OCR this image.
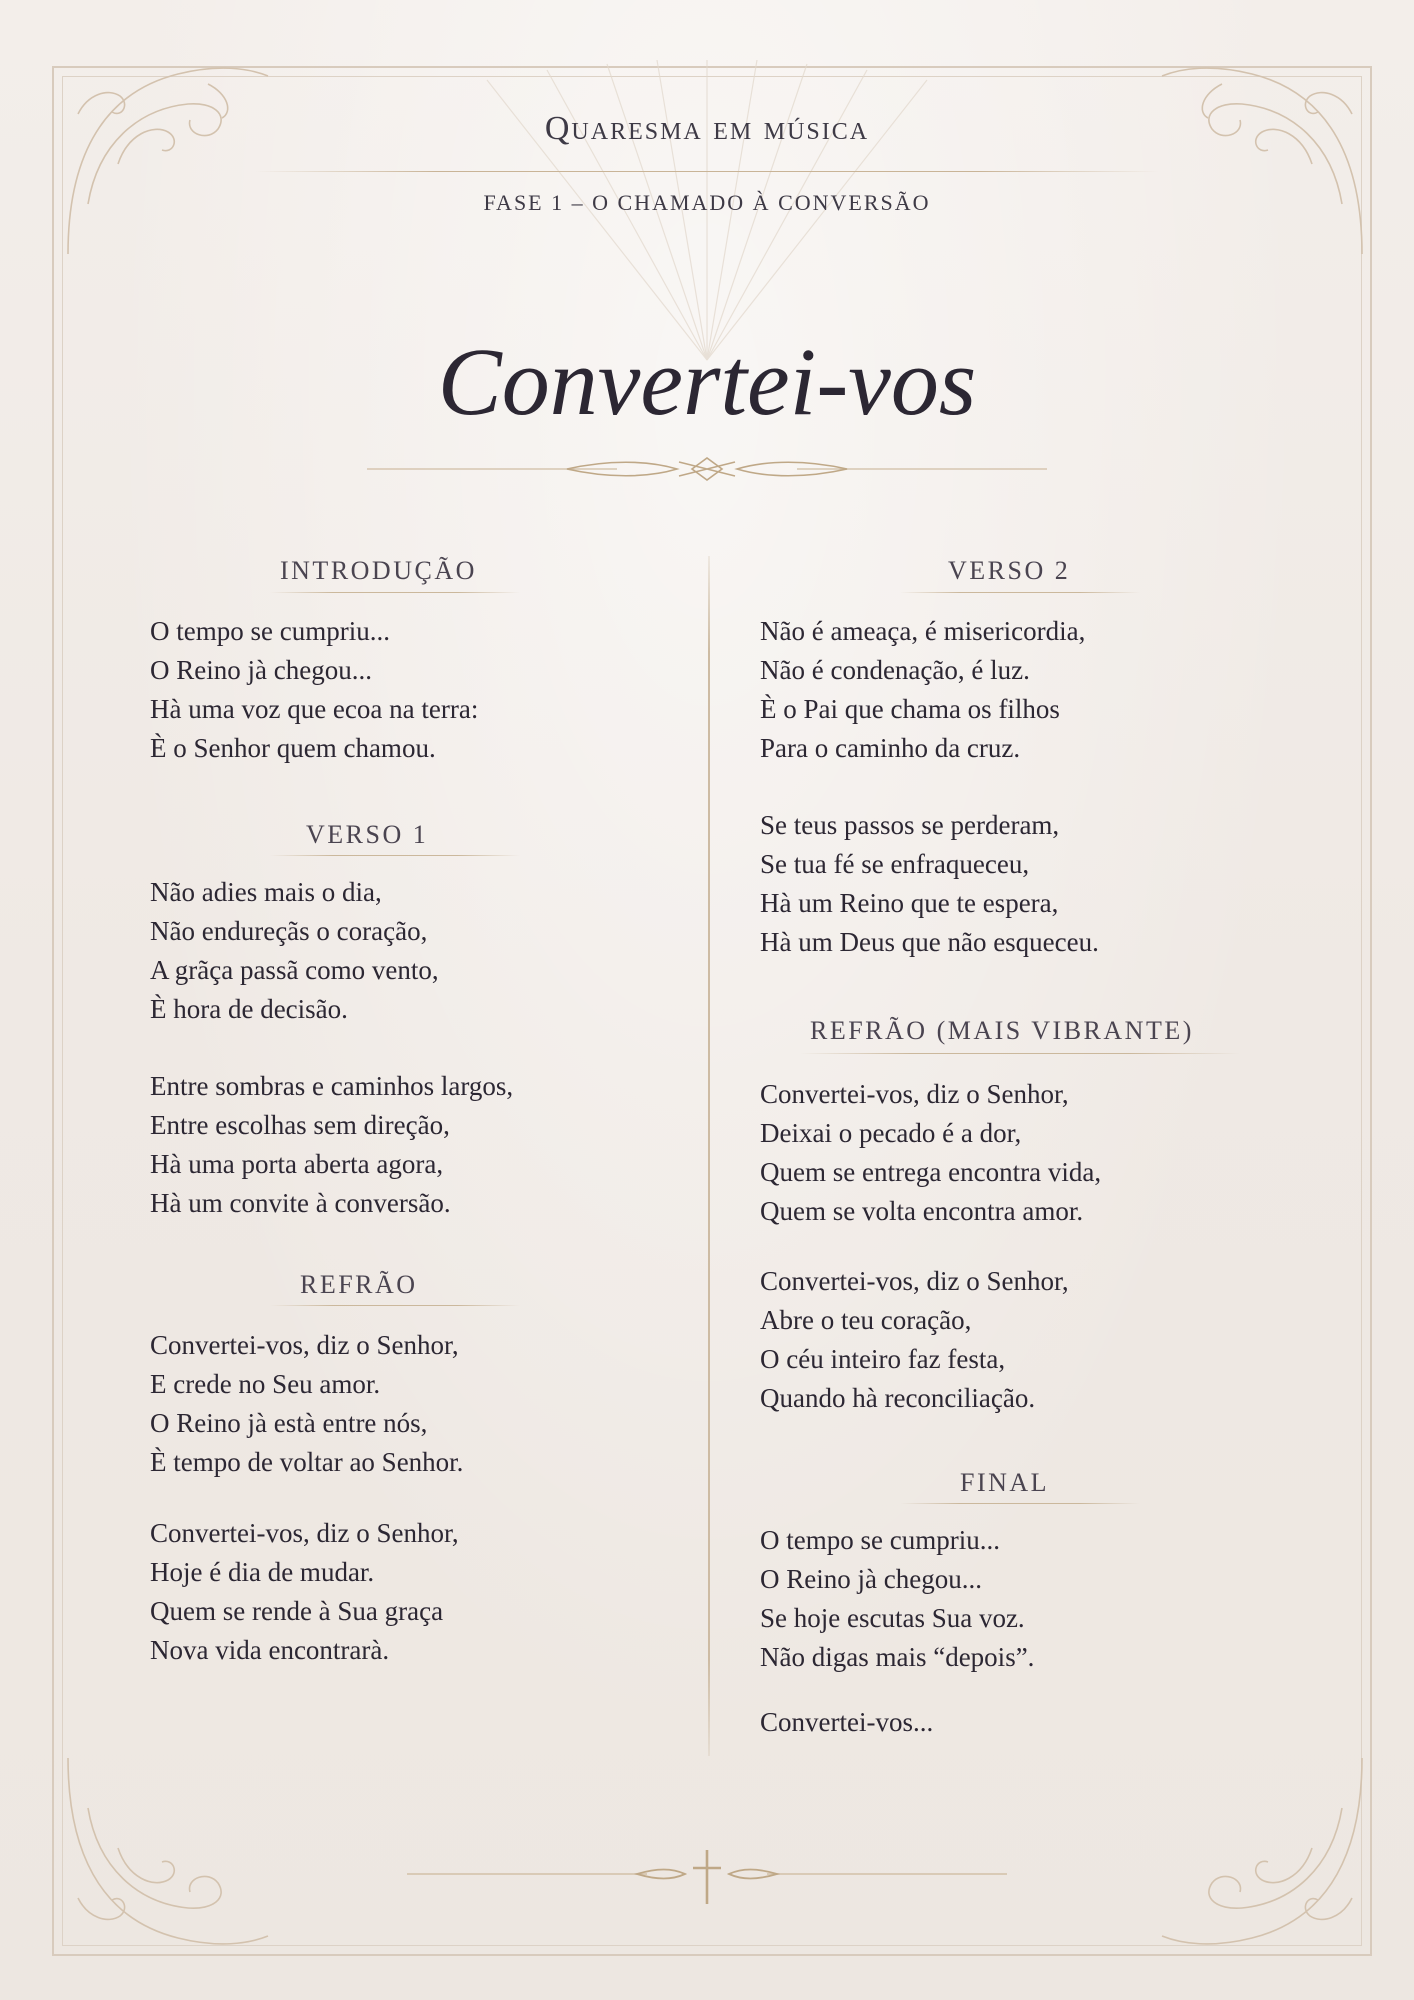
Quaresma em música
FASE 1 – O CHAMADO À CONVERSÃO
Convertei-vos
INTRODUÇÃO
O tempo se cumpriu...
O Reino jà chegou...
Hà uma voz que ecoa na terra:
È o Senhor quem chamou.
VERSO 1
Não adies mais o dia,
Não endureçãs o coração,
A grãça passã como vento,
È hora de decisão.
Entre sombras e caminhos largos,
Entre escolhas sem direção,
Hà uma porta aberta agora,
Hà um convite à conversão.
REFRÃO
Convertei-vos, diz o Senhor,
E crede no Seu amor.
O Reino jà està entre nós,
È tempo de voltar ao Senhor.
Convertei-vos, diz o Senhor,
Hoje é dia de mudar.
Quem se rende à Sua graça
Nova vida encontrarà.
VERSO 2
Não é ameaça, é misericordia,
Não é condenação, é luz.
È o Pai que chama os filhos
Para o caminho da cruz.
Se teus passos se perderam,
Se tua fé se enfraqueceu,
Hà um Reino que te espera,
Hà um Deus que não esqueceu.
REFRÃO (MAIS VIBRANTE)
Convertei-vos, diz o Senhor,
Deixai o pecado é a dor,
Quem se entrega encontra vida,
Quem se volta encontra amor.
Convertei-vos, diz o Senhor,
Abre o teu coração,
O céu inteiro faz festa,
Quando hà reconciliação.
FINAL
O tempo se cumpriu...
O Reino jà chegou...
Se hoje escutas Sua voz.
Não digas mais “depois”.
Convertei-vos...
